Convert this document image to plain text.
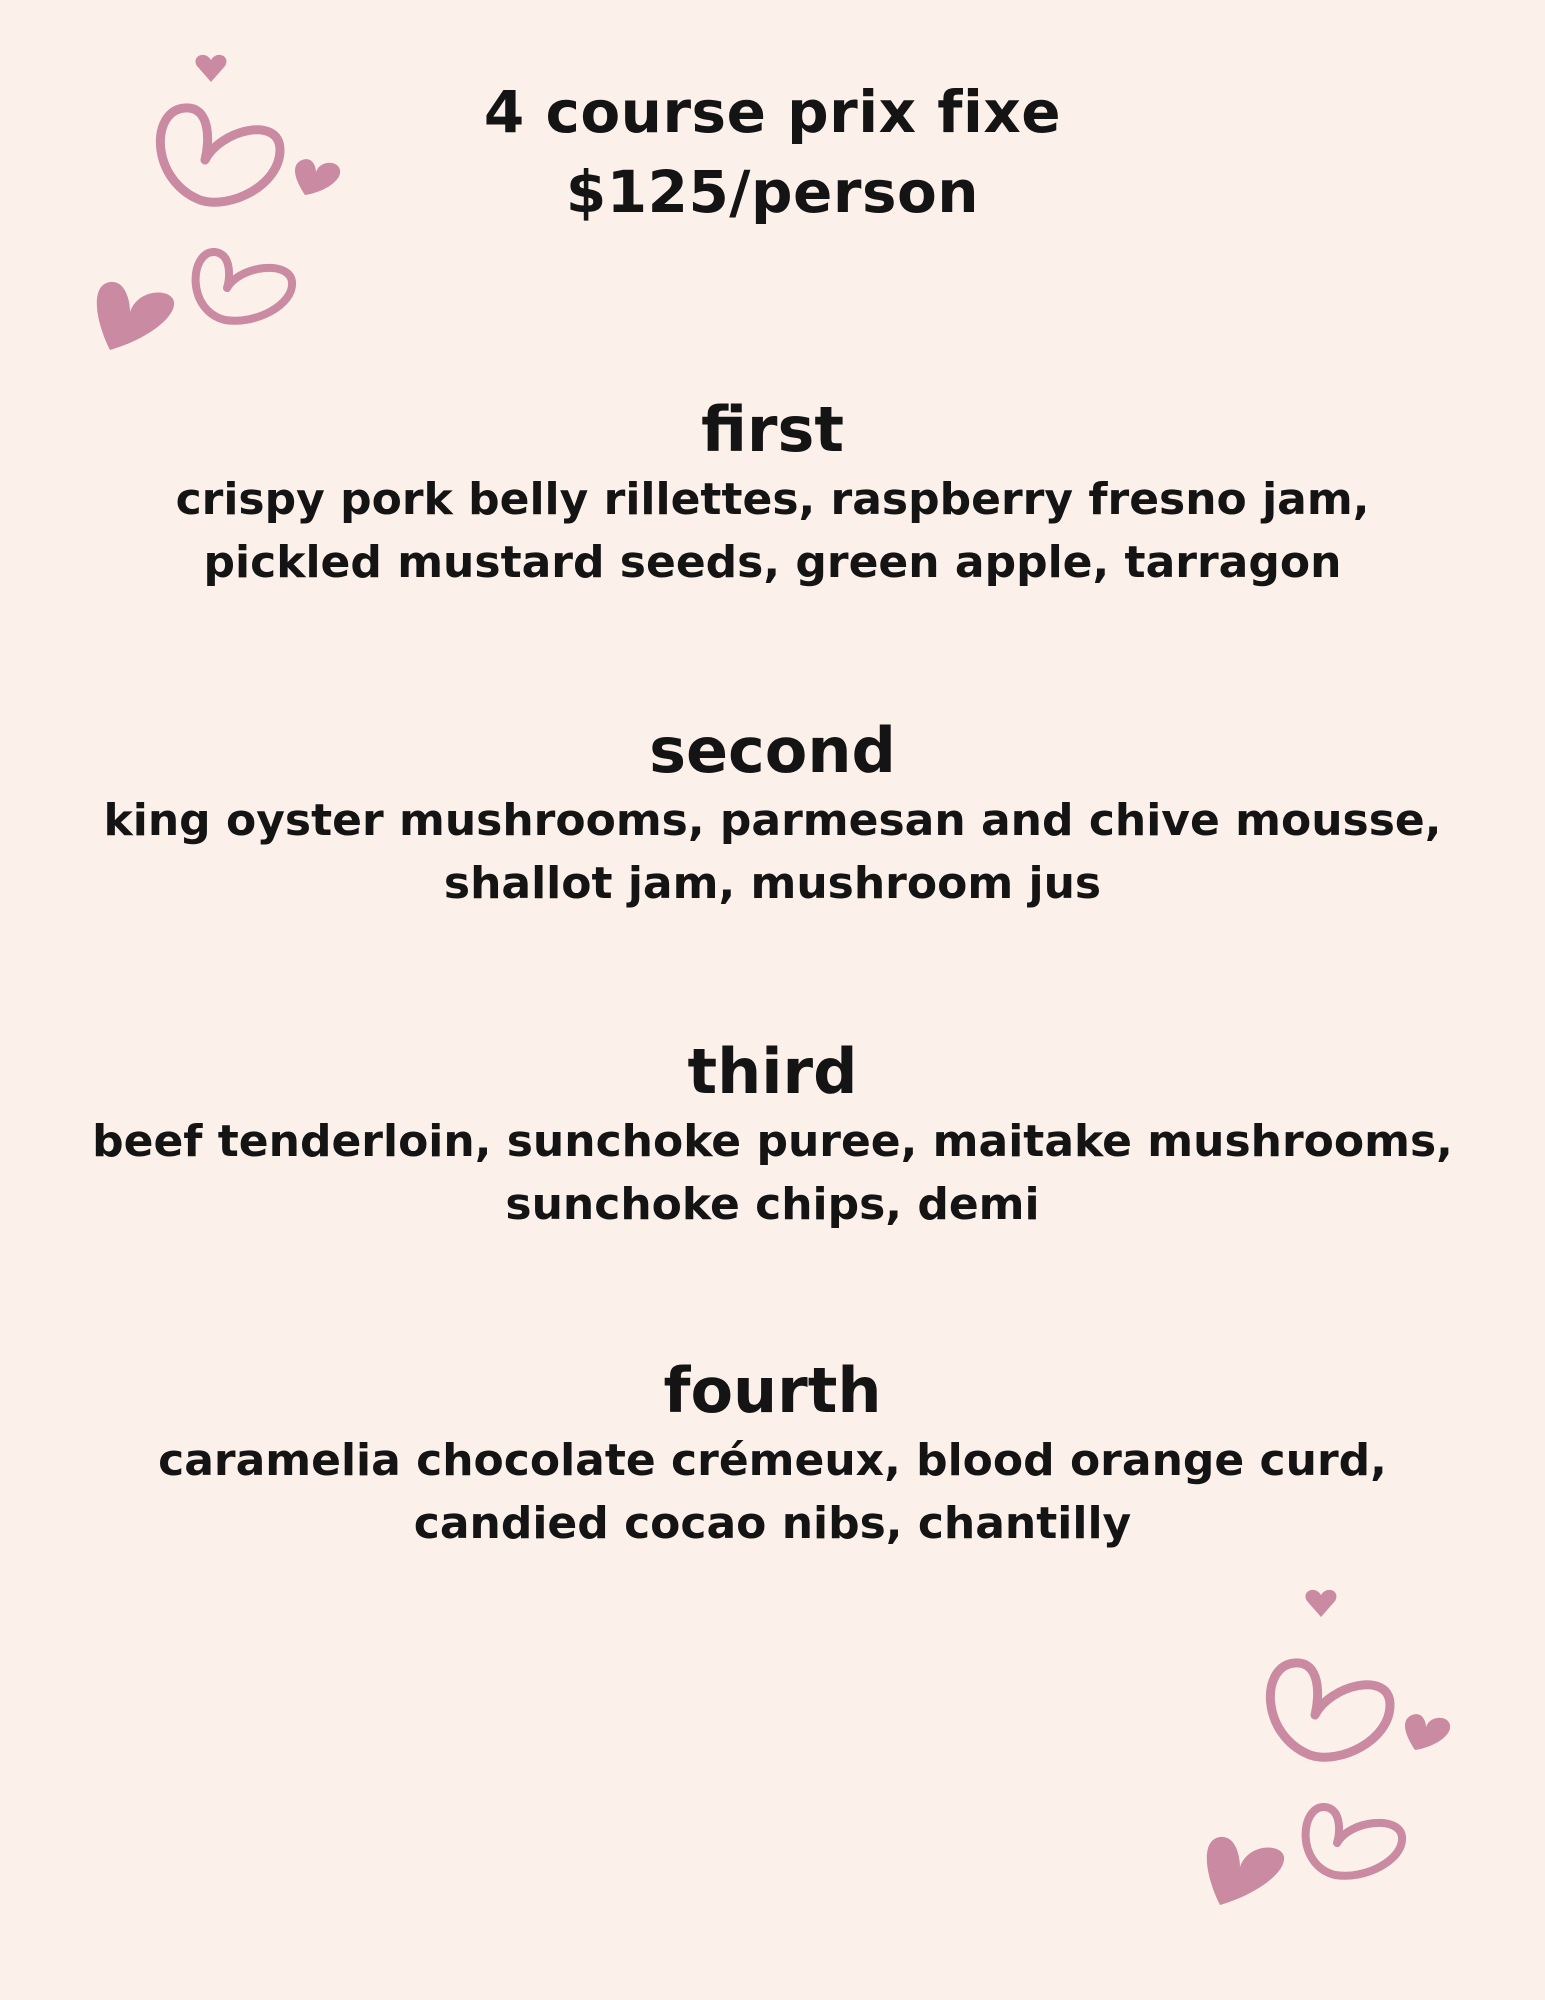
4 course prix fixe
$125/person
first
crispy pork belly rillettes, raspberry fresno jam,
pickled mustard seeds, green apple, tarragon
second
king oyster mushrooms, parmesan and chive mousse,
shallot jam, mushroom jus
third
beef tenderloin, sunchoke puree, maitake mushrooms,
sunchoke chips, demi
fourth
caramelia chocolate crémeux, blood orange curd,
candied cocao nibs, chantilly
